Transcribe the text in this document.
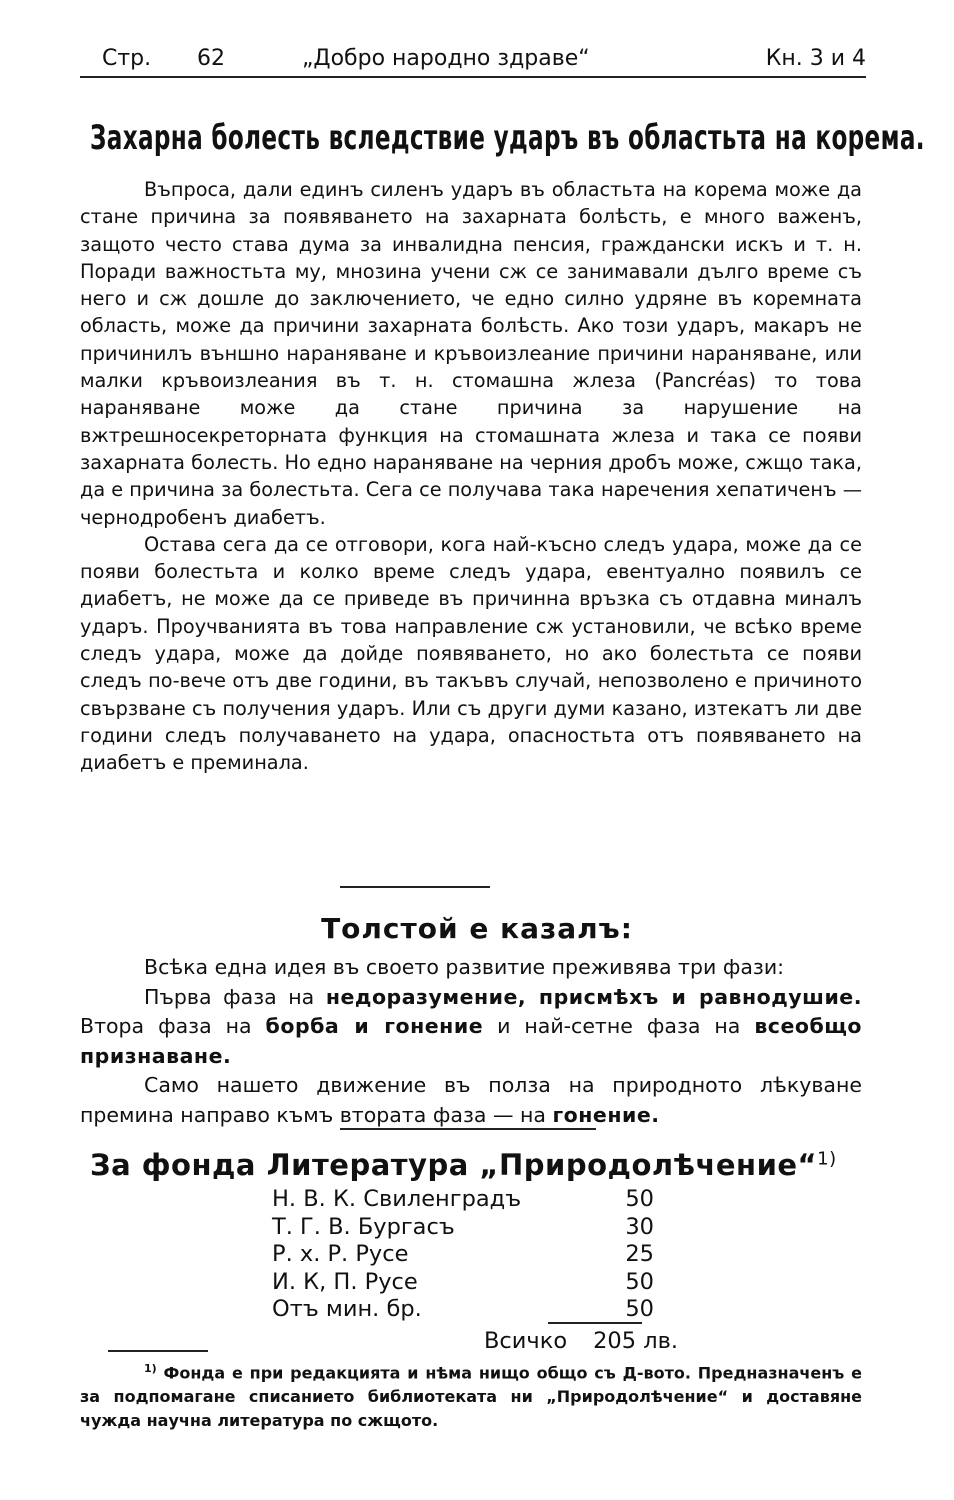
Стр. 62	„Добро народно здраве“	Кн. 3 и 4
Захарна болесть вследствие ударъ въ областьта на корема.

Въпроса, дали единъ силенъ ударъ въ областьта на корема може да стане причина за появяването на захарната болѣсть, е много важенъ, защото често става дума за инвалидна пенсия, граждански искъ и т. н. Поради важностьта му, мнозина учени сж се занимавали дълго време съ него и сж дошле до заключението, че едно силно удряне въ коремната область, може да причини захарната болѣсть. Ако този ударъ, макаръ не причинилъ външно нараняване и кръвоизлеание причини нараняване, или малки кръвоизлеания въ т. н. стомашна жлеза (Pancréas) то това нараняване може да стане причина за нарушение на вжтрешносекреторната функция на стомашната жлеза и така се появи захарната болесть. Но едно нараняване на черния дробъ може, сжщо така, да е причина за болестьта. Сега се получава така наречения хепатиченъ — чернодробенъ диабетъ.

Остава сега да се отговори, кога най-късно следъ удара, може да се появи болестьта и колко време следъ удара, евентуално появилъ се диабетъ, не може да се приведе въ причинна връзка съ отдавна миналъ ударъ. Проучванията въ това направление сж установили, че всѣко време следъ удара, може да дойде появяването, но ако болестьта се появи следъ по-вече отъ две години, въ такъвъ случай, непозволено е причиното свързване съ получения ударъ. Или съ други думи казано, изтекатъ ли две години следъ получаването на удара, опасностьта отъ появяването на диабетъ е преминала.

Толстой е казалъ:

Всѣка една идея въ своето развитие преживява три фази:

Първа фаза на недоразумение, присмѣхъ и равнодушие. Втора фаза на борба и гонение и най-сетне фаза на всеобщо признаване.

Само нашето движение въ полза на природното лѣкуване премина направо къмъ втората фаза — на гонение.

За фонда Литература „Природолѣчение“$^{1)}$
Н. В. К. Свиленградъ	50
Т. Г. В. Бургасъ	30
Р. х. Р. Русе	25
И. К, П. Русе	50
Отъ мин. бр.	50
Всичко 205 лв.

$^{1)}$ Фонда е при редакцията и нѣма нищо общо съ Д-вото. Предназначенъ е за подпомагане списанието библиотеката ни „Природолѣчение“ и доставяне чужда научна литература по сжщото.
